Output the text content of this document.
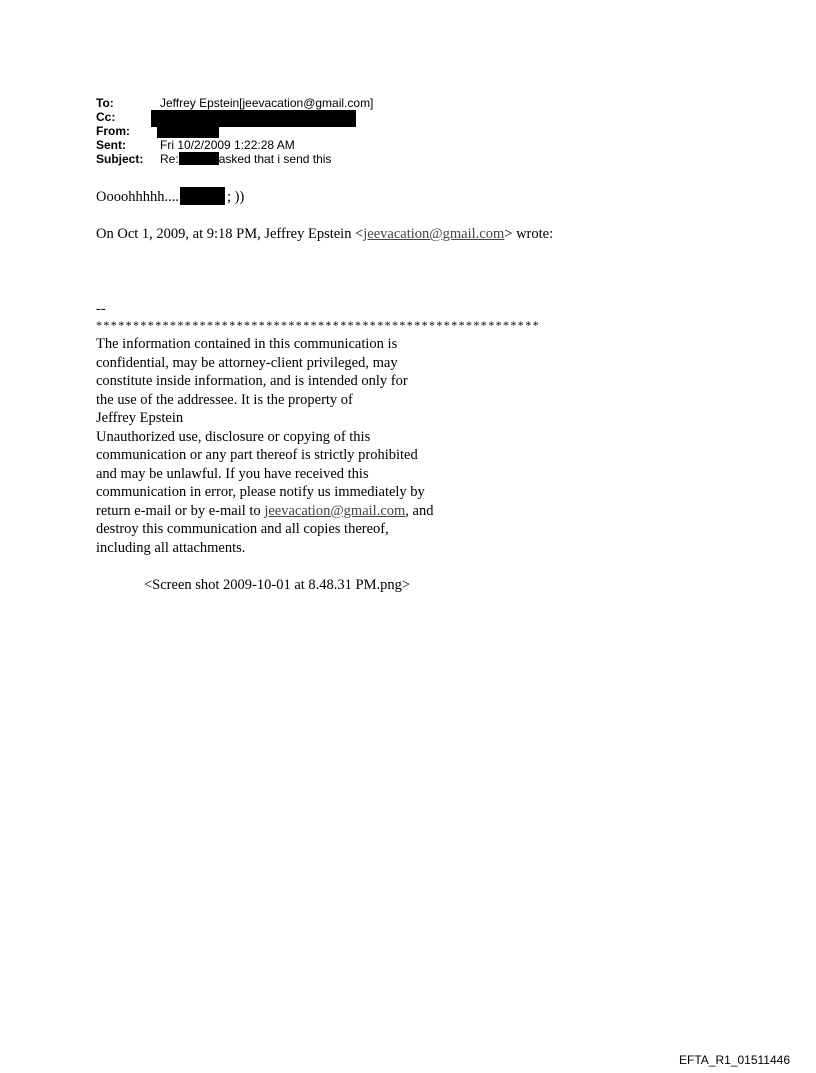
To:	Jeffrey Epstein[jeevacation@gmail.com]
Cc:
From:
Sent:	Fri 10/2/2009 1:22:28 AM
Subject: Re:	asked that i send this
Oooohhhhh....	; ))
On Oct 1, 2009, at 9:18 PM, Jeffrey Epstein <jeevacation@gmail.com> wrote:
--
************************************************************
The information contained in this communication is
confidential, may be attorney-client privileged, may
constitute inside information, and is intended only for
the use of the addressee. It is the property of
Jeffrey Epstein
Unauthorized use, disclosure or copying of this
communication or any part thereof is strictly prohibited
and may be unlawful. If you have received this
communication in error, please notify us immediately by
return e-mail or by e-mail to jeevacation@gmail.com, and
destroy this communication and all copies thereof,
including all attachments.
<Screen shot 2009-10-01 at 8.48.31 PM.png>
EFTA_R1_01511446
